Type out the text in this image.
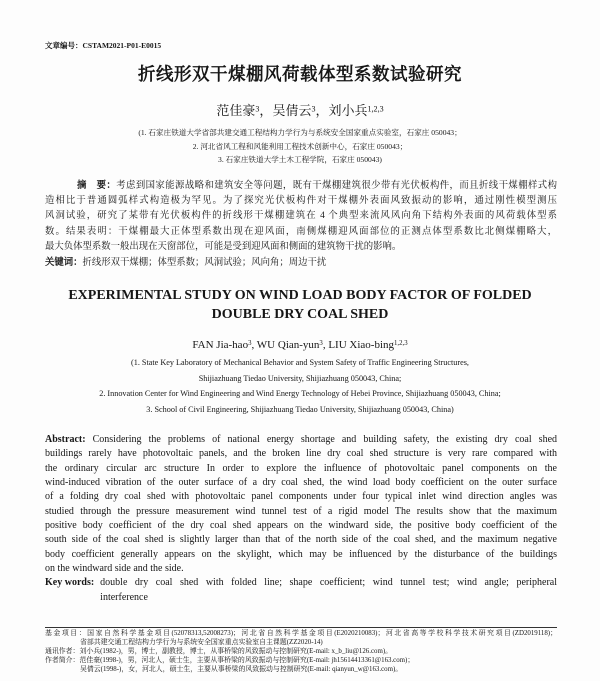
文章编号：CSTAM2021-P01-E0015
折线形双干煤棚风荷载体型系数试验研究
范佳豪$^3$，吴倩云$^3$，刘小兵$^{1,2,3}$
(1. 石家庄铁道大学省部共建交通工程结构力学行为与系统安全国家重点实验室，石家庄 050043；
2. 河北省风工程和风能利用工程技术创新中心，石家庄 050043；
3. 石家庄铁道大学土木工程学院，石家庄 050043)
摘　要：考虑到国家能源战略和建筑安全等问题，既有干煤棚建筑很少带有光伏板构件，而且折线干煤棚样式构
造相比于普通圆弧样式构造极为罕见。为了探究光伏板构件对干煤棚外表面风致振动的影响，通过刚性模型测压
风洞试验，研究了某带有光伏板构件的折线形干煤棚建筑在 4 个典型来流风风向角下结构外表面的风荷载体型系
数。结果表明：干煤棚最大正体型系数出现在迎风面，南侧煤棚迎风面部位的正测点体型系数比北侧煤棚略大，
最大负体型系数一般出现在天窗部位，可能是受到迎风面和侧面的建筑物干扰的影响。
关键词：折线形双干煤棚；体型系数；风洞试验；风向角；周边干扰
EXPERIMENTAL STUDY ON WIND LOAD BODY FACTOR OF FOLDED
DOUBLE DRY COAL SHED
FAN Jia-hao$^3$, WU Qian-yun$^3$, LIU Xiao-bing$^{1,2,3}$
(1. State Key Laboratory of Mechanical Behavior and System Safety of Traffic Engineering Structures,
Shijiazhuang Tiedao University, Shijiazhuang 050043, China;
2. Innovation Center for Wind Engineering and Wind Energy Technology of Hebei Province, Shijiazhuang 050043, China;
3. School of Civil Engineering, Shijiazhuang Tiedao University, Shijiazhuang 050043, China)
Abstract: Considering the problems of national energy shortage and building safety, the existing dry coal shed
buildings rarely have photovoltaic panels, and the broken line dry coal shed structure is very rare compared with
the ordinary circular arc structure In order to explore the influence of photovoltaic panel components on the
wind-induced vibration of the outer surface of a dry coal shed, the wind load body coefficient on the outer surface
of a folding dry coal shed with photovoltaic panel components under four typical inlet wind direction angles was
studied through the pressure measurement wind tunnel test of a rigid model The results show that the maximum
positive body coefficient of the dry coal shed appears on the windward side, the positive body coefficient of the
south side of the coal shed is slightly larger than that of the north side of the coal shed, and the maximum negative
body coefficient generally appears on the skylight, which may be influenced by the disturbance of the buildings
on the windward side and the side.
Key words: double dry coal shed with folded line; shape coefficient; wind tunnel test; wind angle; peripheral
interference
基金项目：国家自然科学基金项目(52078313,52008273)；河北省自然科学基金项目(E2020210083)；河北省高等学校科学技术研究项目(ZD2019118)；
省部共建交通工程结构力学行为与系统安全国家重点实验室自主课题(ZZ2020-14)
通讯作者：刘小兵(1982-)，男，博士，副教授，博士，从事桥梁的风致振动与控制研究(E-mail: x_b_liu@126.com)。
作者简介：范佳豪(1998-)，男，河北人，硕士生，主要从事桥梁的风致振动与控制研究(E-mail: jh15614413361@163.com)；
吴倩云(1998-)，女，河北人，硕士生，主要从事桥梁的风致振动与控制研究(E-mail: qianyun_w@163.com)。
